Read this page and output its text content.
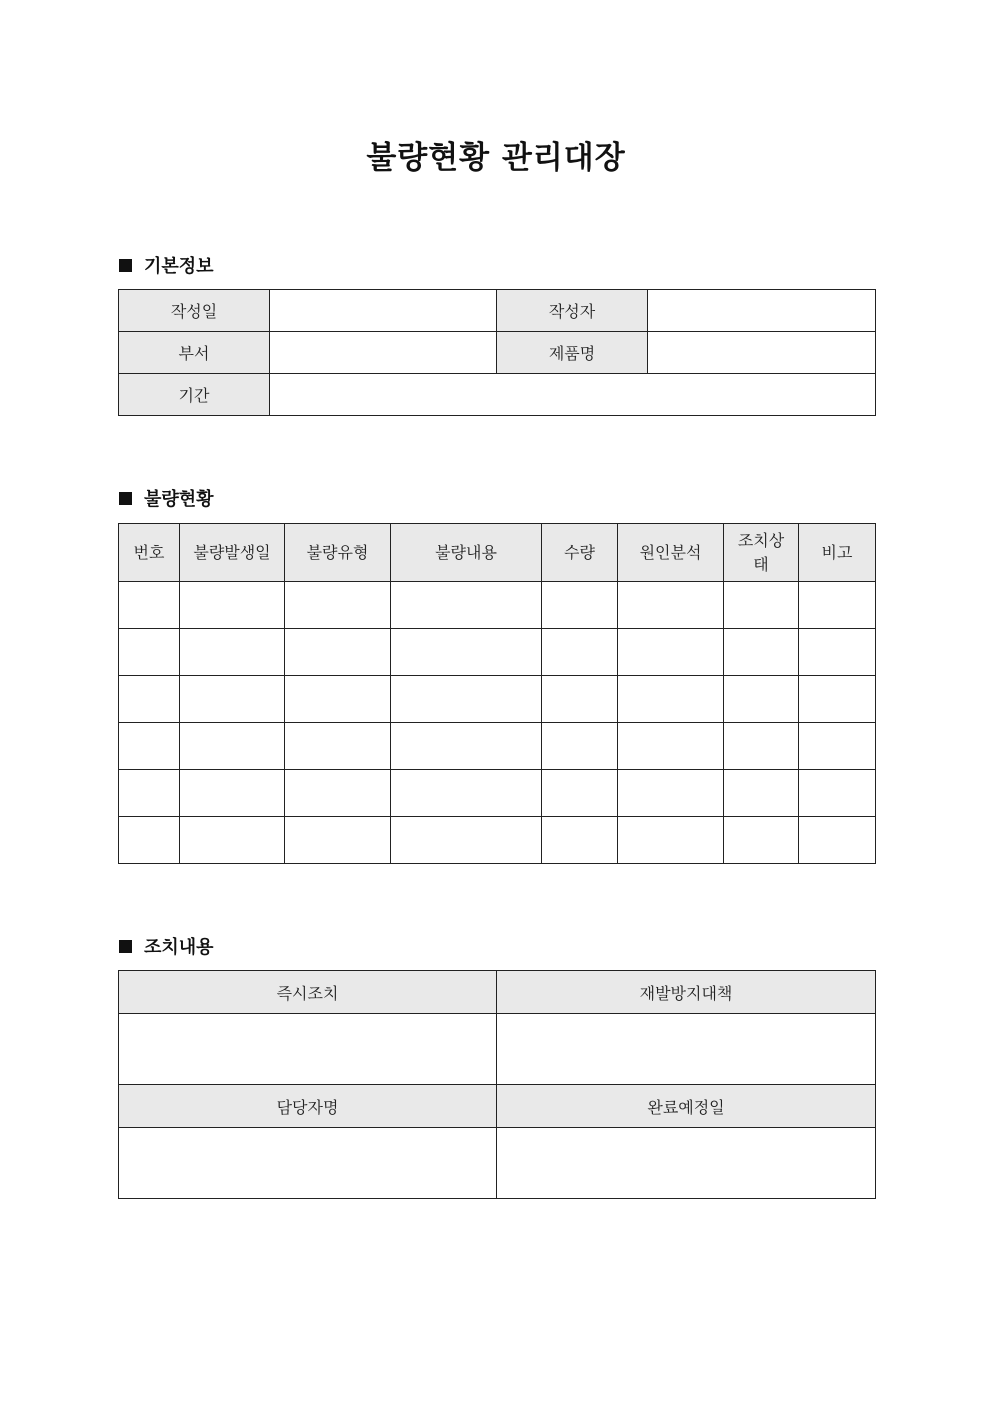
불량현황 관리대장
기본정보
작성일		작성자	
부서		제품명	
기간			
불량현황
번호	불량발생일	불량유형	불량내용	수량	원인분석	조치상태	비고

조치내용
즉시조치	재발방지대책

담당자명	완료예정일
